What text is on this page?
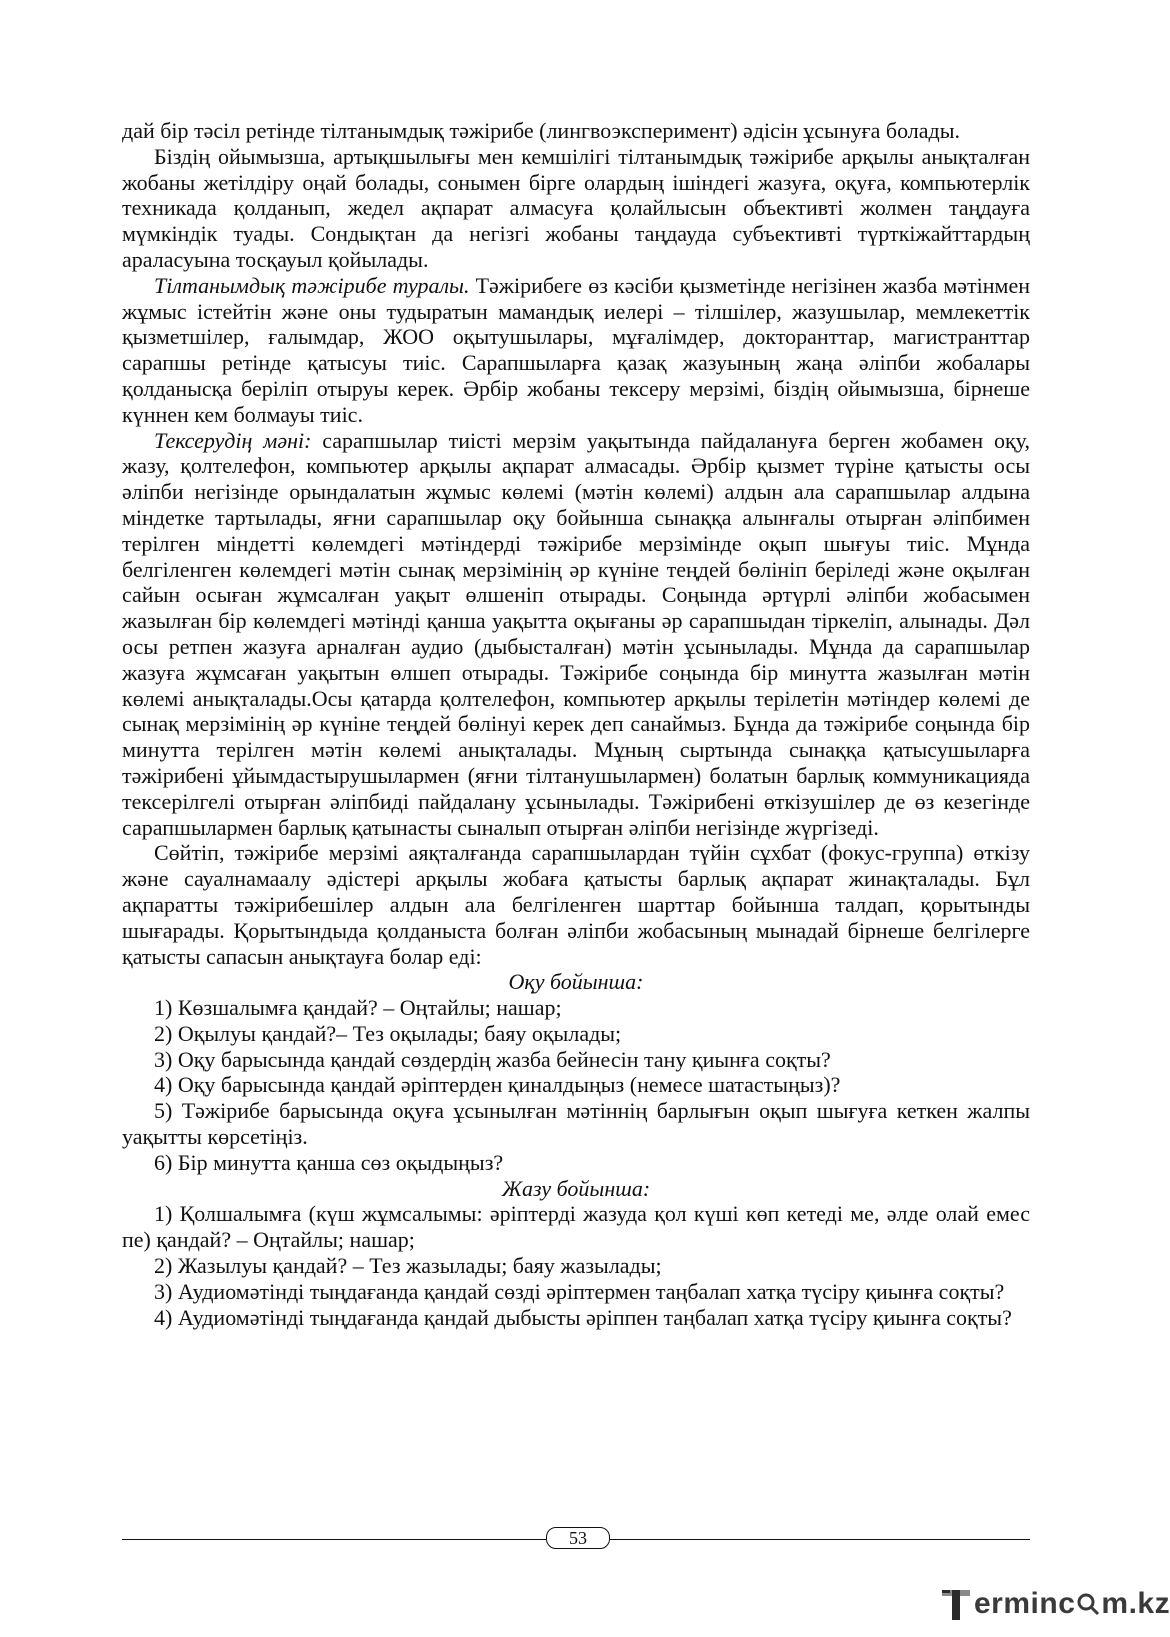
дай бір тәсіл ретінде тілтанымдық тәжірибе (лингвоэксперимент) әдісін ұсынуға болады.

Біздің ойымызша, артықшылығы мен кемшілігі тілтанымдық тәжірибе арқылы анықталған жобаны жетілдіру оңай болады, сонымен бірге олардың ішіндегі жазуға, оқуға, компьютерлік техникада қолданып, жедел ақпарат алмасуға қолайлысын объективті жолмен таңдауға мүмкіндік туады. Сондықтан да негізгі жобаны таңдауда субъективті түрткіжайттардың араласуына тосқауыл қойылады.

Тілтанымдық тәжірибе туралы. Тәжірибеге өз кәсіби қызметінде негізінен жазба мәтінмен жұмыс істейтін және оны тудыратын мамандық иелері – тілшілер, жазушылар, мемлекеттік қызметшілер, ғалымдар, ЖОО оқытушылары, мұғалімдер, докторанттар, магистранттар сарапшы ретінде қатысуы тиіс. Сарапшыларға қазақ жазуының жаңа әліпби жобалары қолданысқа беріліп отыруы керек. Әрбір жобаны тексеру мерзімі, біздің ойымызша, бірнеше күннен кем болмауы тиіс.

Тексерудің мәні: сарапшылар тиісті мерзім уақытында пайдалануға берген жобамен оқу, жазу, қолтелефон, компьютер арқылы ақпарат алмасады. Әрбір қызмет түріне қатысты осы әліпби негізінде орындалатын жұмыс көлемі (мәтін көлемі) алдын ала сарапшылар алдына міндетке тартылады, яғни сарапшылар оқу бойынша сынаққа алынғалы отырған әліпбимен терілген міндетті көлемдегі мәтіндерді тәжірибе мерзімінде оқып шығуы тиіс. Мұнда белгіленген көлемдегі мәтін сынақ мерзімінің әр күніне теңдей бөлініп беріледі және оқылған сайын осыған жұмсалған уақыт өлшеніп отырады. Соңында әртүрлі әліпби жобасымен жазылған бір көлемдегі мәтінді қанша уақытта оқығаны әр сарапшыдан тіркеліп, алынады. Дәл осы ретпен жазуға арналған аудио (дыбысталған) мәтін ұсынылады. Мұнда да сарапшылар жазуға жұмсаған уақытын өлшеп отырады. Тәжірибе соңында бір минутта жазылған мәтін көлемі анықталады.Осы қатарда қолтелефон, компьютер арқылы терілетін мәтіндер көлемі де сынақ мерзімінің әр күніне теңдей бөлінуі керек деп санаймыз. Бұнда да тәжірибе соңында бір минутта терілген мәтін көлемі анықталады. Мұның сыртында сынаққа қатысушыларға тәжірибені ұйымдастырушылармен (яғни тілтанушылармен) болатын барлық коммуникацияда тексерілгелі отырған әліпбиді пайдалану ұсынылады. Тәжірибені өткізушілер де өз кезегінде сарапшылармен барлық қатынасты сыналып отырған әліпби негізінде жүргізеді.

Сөйтіп, тәжірибе мерзімі аяқталғанда сарапшылардан түйін сұхбат (фокус-группа) өткізу және сауалнамаалу әдістері арқылы жобаға қатысты барлық ақпарат жинақталады. Бұл ақпаратты тәжірибешілер алдын ала белгіленген шарттар бойынша талдап, қорытынды шығарады. Қорытындыда қолданыста болған әліпби жобасының мынадай бірнеше белгілерге қатысты сапасын анықтауға болар еді:

Оқу бойынша:

1) Көзшалымға қандай? – Оңтайлы; нашар;

2) Оқылуы қандай?– Тез оқылады; баяу оқылады;

3) Оқу барысында қандай сөздердің жазба бейнесін тану қиынға соқты?

4) Оқу барысында қандай әріптерден қиналдыңыз (немесе шатастыңыз)?

5) Тәжірибе барысында оқуға ұсынылған мәтіннің барлығын оқып шығуға кеткен жалпы уақытты көрсетіңіз.

6) Бір минутта қанша сөз оқыдыңыз?

Жазу бойынша:

1) Қолшалымға (күш жұмсалымы: әріптерді жазуда қол күші көп кетеді ме, әлде олай емес пе) қандай? – Оңтайлы; нашар;

2) Жазылуы қандай? – Тез жазылады; баяу жазылады;

3) Аудиомәтінді тыңдағанда қандай сөзді әріптермен таңбалап хатқа түсіру қиынға соқты?

4) Аудиомәтінді тыңдағанда қандай дыбысты әріппен таңбалап хатқа түсіру қиынға соқты?

53
erminc m.kz
